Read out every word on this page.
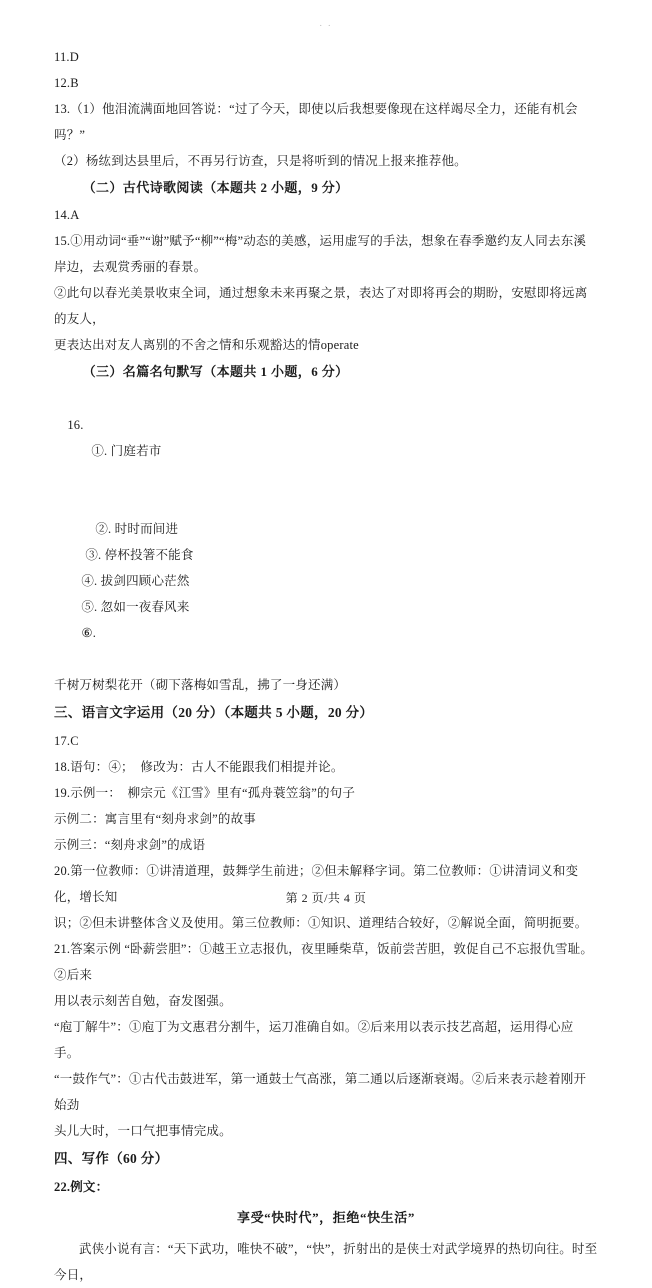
. .
11.D
12.B
13.（1）他泪流满面地回答说：“过了今天，即使以后我想要像现在这样竭尽全力，还能有机会吗？”
（2）杨纮到达县里后，不再另行访查，只是将听到的情况上报来推荐他。
（二）古代诗歌阅读（本题共 2 小题，9 分）
14.A
15.①用动词“垂”“谢”赋予“柳”“梅”动态的美感，运用虚写的手法，想象在春季邀约友人同去东溪
岸边，去观赏秀丽的春景。
②此句以春光美景收束全词，通过想象未来再聚之景，表达了对即将再会的期盼，安慰即将远离的友人，
更表达出对友人离别的不舍之情和乐观豁达的情operate
（三）名篇名句默写（本题共 1 小题，6 分）

16.
①. 门庭若市

②. 时时而间进
③. 停杯投箸不能食
④. 拔剑四顾心茫然
⑤. 忽如一夜春风来
⑥.

千树万树梨花开（砌下落梅如雪乱，拂了一身还满）
三、语言文字运用（20 分）（本题共 5 小题，20 分）
17.C
18.语句：④；  修改为：古人不能跟我们相提并论。
19.示例一：  柳宗元《江雪》里有“孤舟蓑笠翁”的句子
示例二：寓言里有“刻舟求剑”的故事
示例三：“刻舟求剑”的成语
20.第一位教师：①讲清道理，鼓舞学生前进；②但未解释字词。第二位教师：①讲清词义和变化，增长知
识；②但未讲整体含义及使用。第三位教师：①知识、道理结合较好，②解说全面，简明扼要。
21.答案示例 “卧薪尝胆”：①越王立志报仇，夜里睡柴草，饭前尝苦胆，敦促自己不忘报仇雪耻。②后来
用以表示刻苦自勉，奋发图强。
“庖丁解牛”：①庖丁为文惠君分割牛，运刀准确自如。②后来用以表示技艺高超，运用得心应手。
“一鼓作气”：①古代击鼓进军，第一通鼓士气高涨，第二通以后逐渐衰竭。②后来表示趁着刚开始劲
头儿大时，一口气把事情完成。
四、写作（60 分）
22.例文：
享受“快时代”，拒绝“快生活”
武侠小说有言：“天下武功，唯快不破”，“快”，折射出的是侠士对武学境界的热切向往。时至今日，
第 2 页/共 4 页
